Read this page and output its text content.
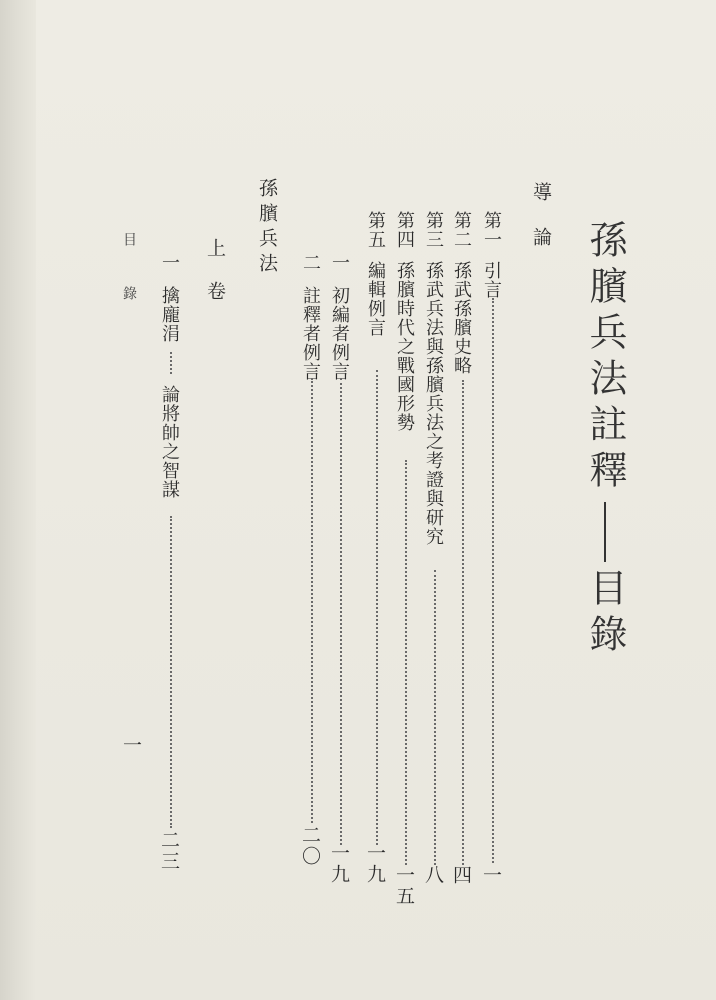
孫臏兵法註釋目錄
導論
第一引言
一
第二孫武孫臏史略
四
第三孫武兵法與孫臏兵法之考證與研究
八
第四孫臏時代之戰國形勢
一五
第五編輯例言
一九
一初編者例言
一九
二註釋者例言
二〇
孫臏兵法
上卷
一擒龐涓
論將帥之智謀
二三
目錄
一
